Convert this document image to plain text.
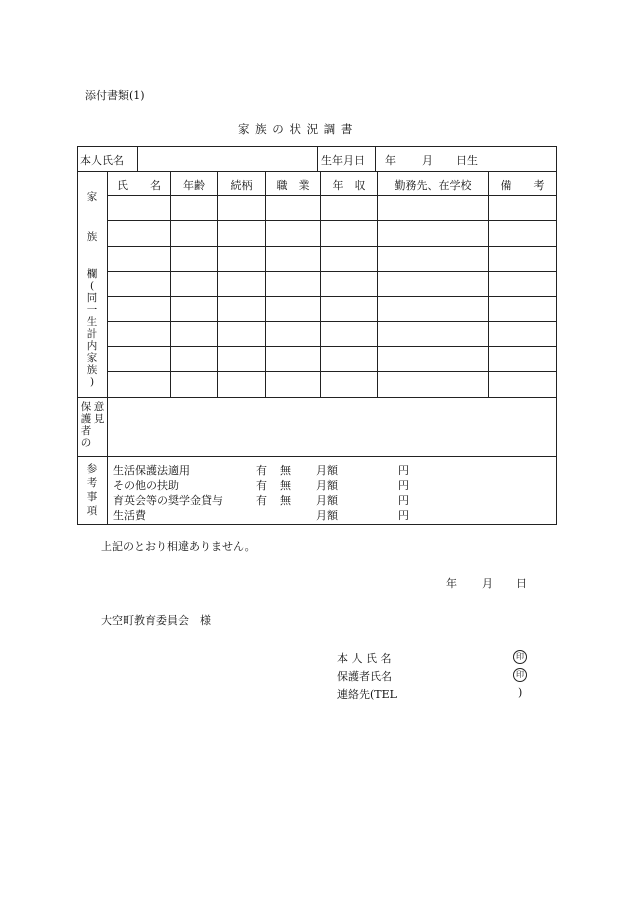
添付書類(1)
家 族 の 状 況 調 書
本人氏名	生年月日 年 月 日生
家
族
欄
(
同
一
生
計
内
家
族
)
氏　　名	年齢	続柄	職　業	年　収	勤務先、在学校	備　　考
保
護
者
の
意
見
参
考
事
項
生活保護法適用	有 無 月額	円
その他の扶助	有 無 月額	円
育英会等の奨学金貸与	有 無 月額	円
生活費	月額	円
上記のとおり相違ありません。
年 月 日
大空町教育委員会　様
本 人 氏 名	印
保護者氏名	印
連絡先(TEL	)
